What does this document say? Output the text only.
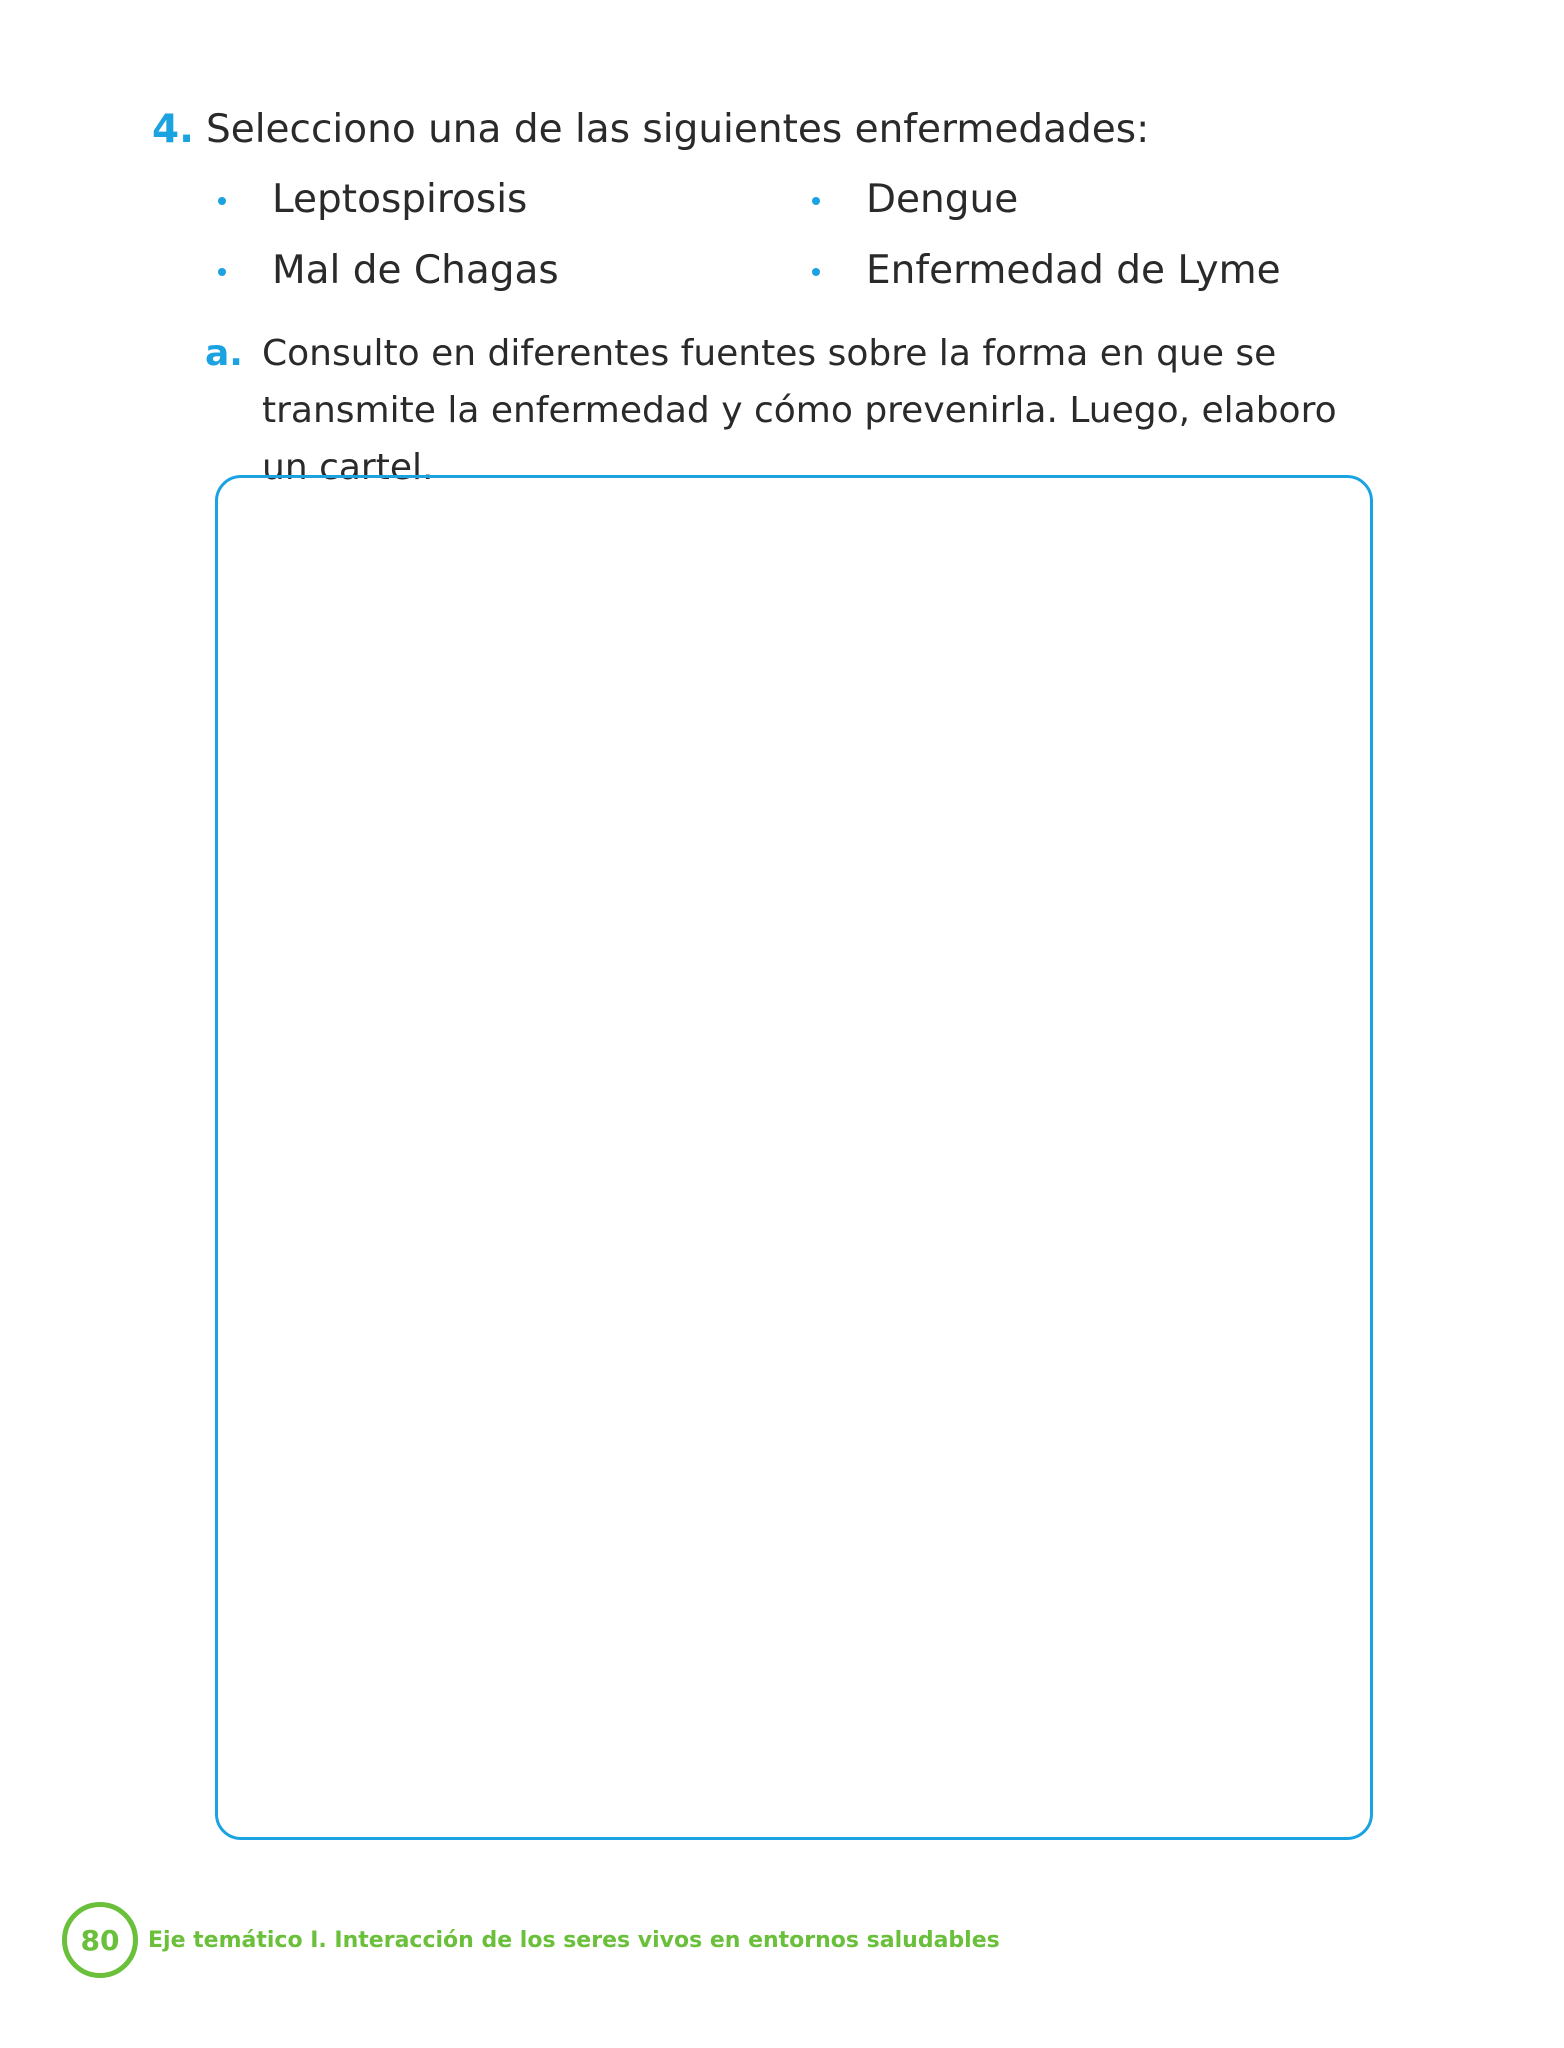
4. Selecciono una de las siguientes enfermedades:
Leptospirosis
Mal de Chagas
Dengue
Enfermedad de Lyme
a. Consulto en diferentes fuentes sobre la forma en que se transmite la enfermedad y cómo prevenirla. Luego, elaboro un cartel.
80 Eje temático I. Interacción de los seres vivos en entornos saludables
